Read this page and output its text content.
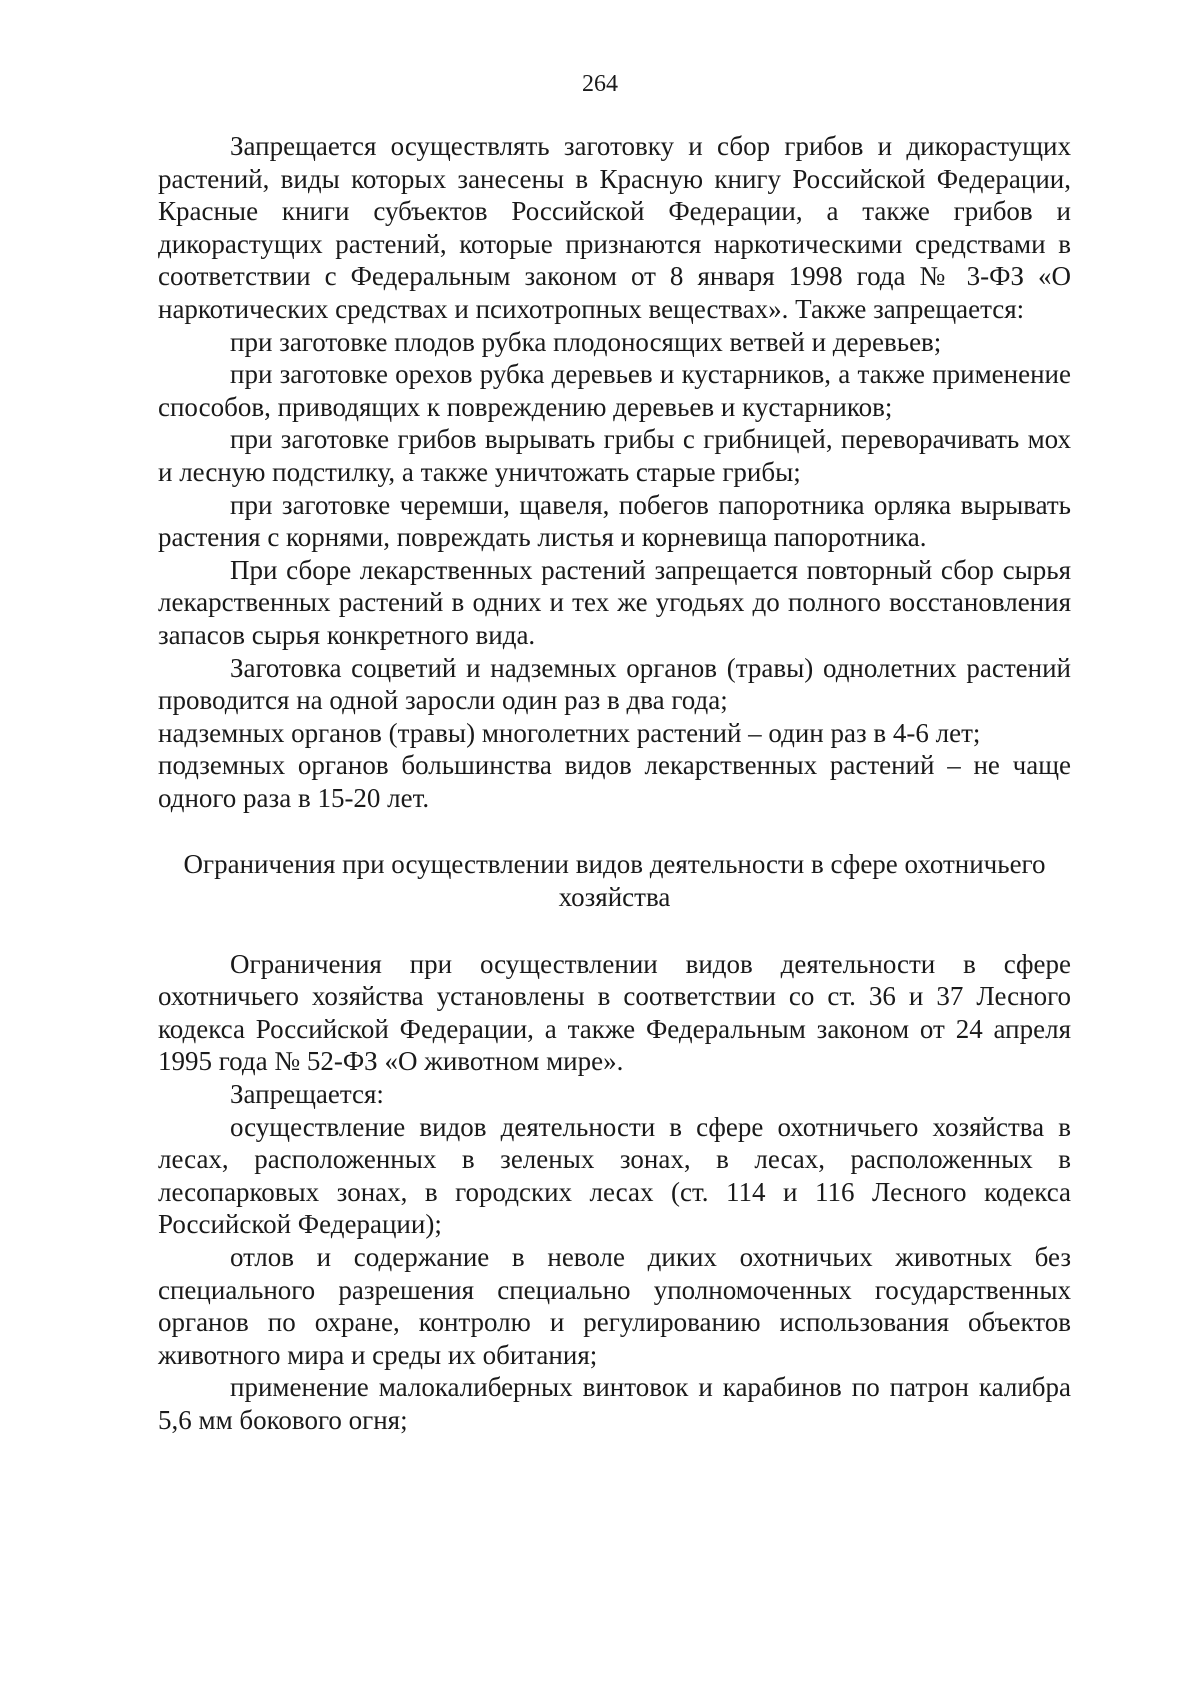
264

Запрещается осуществлять заготовку и сбор грибов и дикорастущих растений, виды которых занесены в Красную книгу Российской Федерации, Красные книги субъектов Российской Федерации, а также грибов и дикорастущих растений, которые признаются наркотическими средствами в соответствии с Федеральным законом от 8 января 1998 года № 3-ФЗ «О наркотических средствах и психотропных веществах». Также запрещается:

при заготовке плодов рубка плодоносящих ветвей и деревьев;

при заготовке орехов рубка деревьев и кустарников, а также применение способов, приводящих к повреждению деревьев и кустарников;

при заготовке грибов вырывать грибы с грибницей, переворачивать мох и лесную подстилку, а также уничтожать старые грибы;

при заготовке черемши, щавеля, побегов папоротника орляка вырывать растения с корнями, повреждать листья и корневища папоротника.

При сборе лекарственных растений запрещается повторный сбор сырья лекарственных растений в одних и тех же угодьях до полного восстановления запасов сырья конкретного вида.

Заготовка соцветий и надземных органов (травы) однолетних растений проводится на одной заросли один раз в два года;

надземных органов (травы) многолетних растений – один раз в 4-6 лет;

подземных органов большинства видов лекарственных растений – не чаще одного раза в 15-20 лет.

Ограничения при осуществлении видов деятельности в сфере охотничьего хозяйства

Ограничения при осуществлении видов деятельности в сфере охотничьего хозяйства установлены в соответствии со ст. 36 и 37 Лесного кодекса Российской Федерации, а также Федеральным законом от 24 апреля 1995 года № 52-ФЗ «О животном мире».

Запрещается:

осуществление видов деятельности в сфере охотничьего хозяйства в лесах, расположенных в зеленых зонах, в лесах, расположенных в лесопарковых зонах, в городских лесах (ст. 114 и 116 Лесного кодекса Российской Федерации);

отлов и содержание в неволе диких охотничьих животных без специального разрешения специально уполномоченных государственных органов по охране, контролю и регулированию использования объектов животного мира и среды их обитания;

применение малокалиберных винтовок и карабинов по патрон калибра 5,6 мм бокового огня;
